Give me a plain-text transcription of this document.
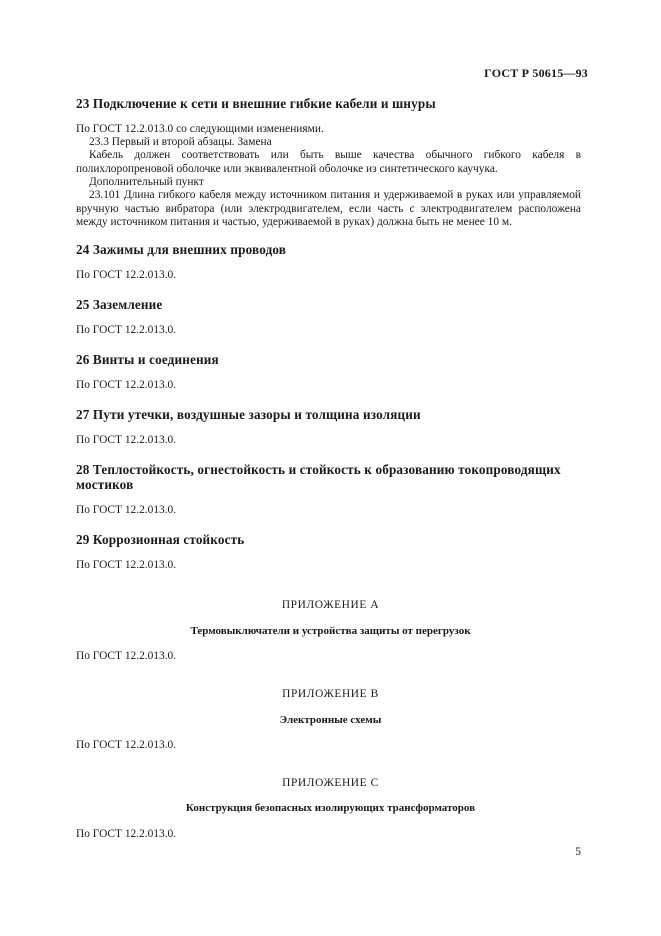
ГОСТ Р 50615—93
23 Подключение к сети и внешние гибкие кабели и шнуры
По ГОСТ 12.2.013.0 со следующими изменениями.
23.3 Первый и второй абзацы. Замена
Кабель должен соответствовать или быть выше качества обычного гибкого кабеля в полихлоропреновой оболочке или эквивалентной оболочке из синтетического каучука.
Дополнительный пункт
23.101 Длина гибкого кабеля между источником питания и удерживаемой в руках или управляемой вручную частью вибратора (или электродвигателем, если часть с электродвигателем расположена между источником питания и частью, удерживаемой в руках) должна быть не менее 10 м.
24 Зажимы для внешних проводов
По ГОСТ 12.2.013.0.
25 Заземление
По ГОСТ 12.2.013.0.
26 Винты и соединения
По ГОСТ 12.2.013.0.
27 Пути утечки, воздушные зазоры и толщина изоляции
По ГОСТ 12.2.013.0.
28 Теплостойкость, огнестойкость и стойкость к образованию токопроводящих
мостиков
По ГОСТ 12.2.013.0.
29 Коррозионная стойкость
По ГОСТ 12.2.013.0.
ПРИЛОЖЕНИЕ А
Термовыключатели и устройства защиты от перегрузок
По ГОСТ 12.2.013.0.
ПРИЛОЖЕНИЕ В
Электронные схемы
По ГОСТ 12.2.013.0.
ПРИЛОЖЕНИЕ С
Конструкция безопасных изолирующих трансформаторов
По ГОСТ 12.2.013.0.
5
